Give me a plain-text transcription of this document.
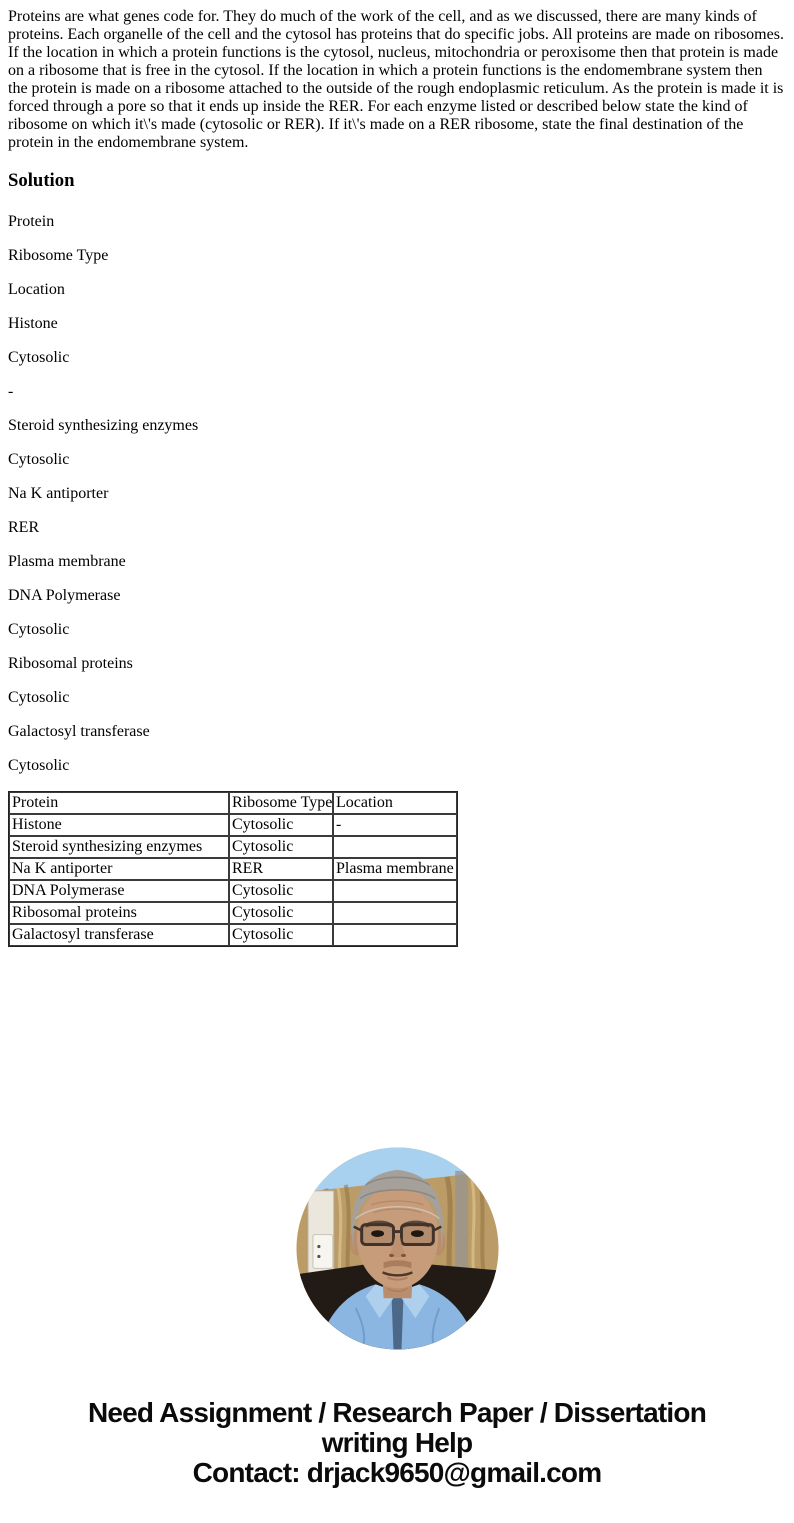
Proteins are what genes code for. They do much of the work of the cell, and as we discussed, there are many kinds of proteins. Each organelle of the cell and the cytosol has proteins that do specific jobs. All proteins are made on ribosomes. If the location in which a protein functions is the cytosol, nucleus, mitochondria or peroxisome then that protein is made on a ribosome that is free in the cytosol. If the location in which a protein functions is the endomembrane system then the protein is made on a ribosome attached to the outside of the rough endoplasmic reticulum. As the protein is made it is forced through a pore so that it ends up inside the RER. For each enzyme listed or described below state the kind of ribosome on which it\'s made (cytosolic or RER). If it\'s made on a RER ribosome, state the final destination of the protein in the endomembrane system.

Solution

Protein

Ribosome Type

Location

Histone

Cytosolic

-

Steroid synthesizing enzymes

Cytosolic

Na K antiporter

RER

Plasma membrane

DNA Polymerase

Cytosolic

Ribosomal proteins

Cytosolic

Galactosyl transferase

Cytosolic

Protein	Ribosome Type	Location
Histone	Cytosolic	-
Steroid synthesizing enzymes	Cytosolic	
Na K antiporter	RER	Plasma membrane
DNA Polymerase	Cytosolic	
Ribosomal proteins	Cytosolic	
Galactosyl transferase	Cytosolic	
Need Assignment / Research Paper / Dissertation
writing Help
Contact: drjack9650@gmail.com
